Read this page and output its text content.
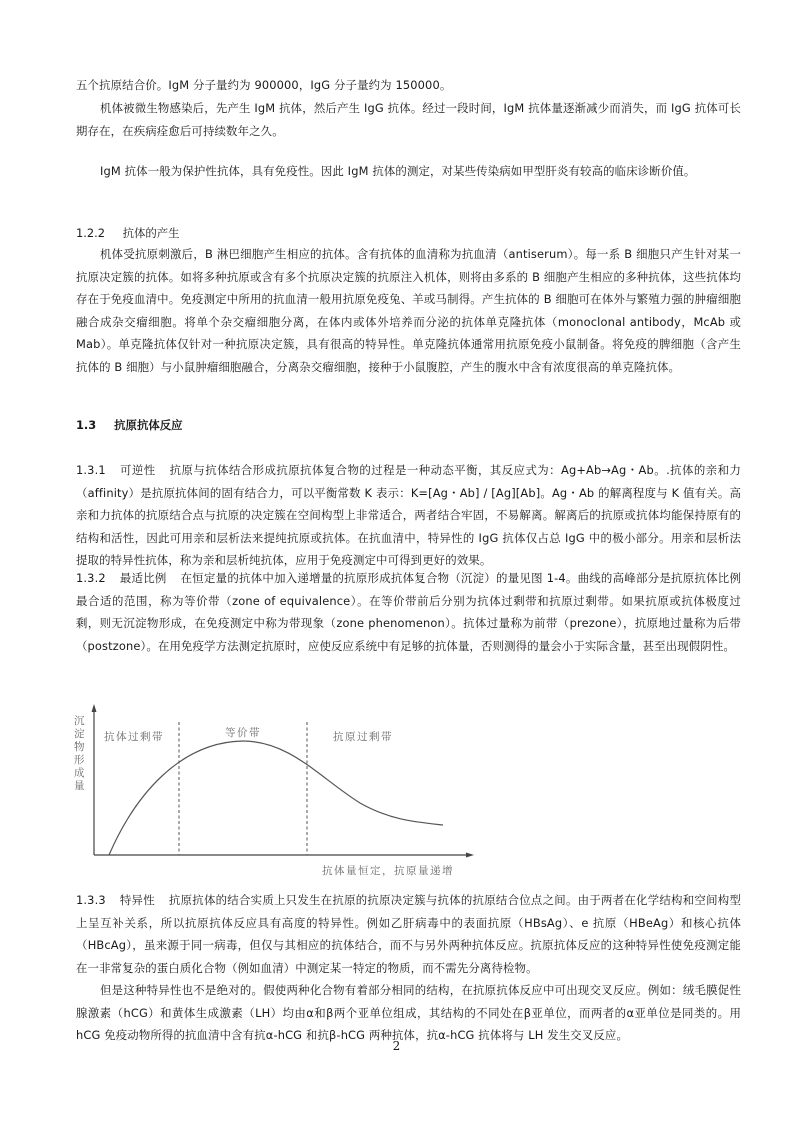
五个抗原结合价。IgM 分子量约为 900000，IgG 分子量约为 150000。

机体被微生物感染后，先产生 IgM 抗体，然后产生 IgG 抗体。经过一段时间，IgM 抗体量逐渐减少而消失，而 IgG 抗体可长期存在，在疾病痊愈后可持续数年之久。

IgM 抗体一般为保护性抗体，具有免疫性。因此 IgM 抗体的测定，对某些传染病如甲型肝炎有较高的临床诊断价值。

1.2.2 抗体的产生

机体受抗原刺激后，B 淋巴细胞产生相应的抗体。含有抗体的血清称为抗血清（antiserum）。每一系 B 细胞只产生针对某一抗原决定簇的抗体。如将多种抗原或含有多个抗原决定簇的抗原注入机体，则将由多系的 B 细胞产生相应的多种抗体，这些抗体均存在于免疫血清中。免疫测定中所用的抗血清一般用抗原免疫兔、羊或马制得。产生抗体的 B 细胞可在体外与繁殖力强的肿瘤细胞融合成杂交瘤细胞。将单个杂交瘤细胞分离，在体内或体外培养而分泌的抗体单克隆抗体（monoclonal antibody，McAb 或 Mab）。单克隆抗体仅针对一种抗原决定簇，具有很高的特异性。单克隆抗体通常用抗原免疫小鼠制备。将免疫的脾细胞（含产生抗体的 B 细胞）与小鼠肿瘤细胞融合，分离杂交瘤细胞，接种于小鼠腹腔，产生的腹水中含有浓度很高的单克隆抗体。

1.3 抗原抗体反应

1.3.1 可逆性 抗原与抗体结合形成抗原抗体复合物的过程是一种动态平衡，其反应式为：Ag+Ab→Ag・Ab。.抗体的亲和力（affinity）是抗原抗体间的固有结合力，可以平衡常数 K 表示：K=[Ag・Ab] / [Ag][Ab]。Ag・Ab 的解离程度与 K 值有关。高亲和力抗体的抗原结合点与抗原的决定簇在空间构型上非常适合，两者结合牢固，不易解离。解离后的抗原或抗体均能保持原有的结构和活性，因此可用亲和层析法来提纯抗原或抗体。在抗血清中，特异性的 IgG 抗体仅占总 IgG 中的极小部分。用亲和层析法提取的特异性抗体，称为亲和层析纯抗体，应用于免疫测定中可得到更好的效果。

1.3.2 最适比例 在恒定量的抗体中加入递增量的抗原形成抗体复合物（沉淀）的量见图 1-4。曲线的高峰部分是抗原抗体比例最合适的范围，称为等价带（zone of equivalence）。在等价带前后分别为抗体过剩带和抗原过剩带。如果抗原或抗体极度过剩，则无沉淀物形成，在免疫测定中称为带现象（zone phenomenon）。抗体过量称为前带（prezone），抗原地过量称为后带（postzone）。在用免疫学方法测定抗原时，应使反应系统中有足够的抗体量，否则测得的量会小于实际含量，甚至出现假阴性。

沉
淀
物
形
成
量
抗体过剩带	等价带	抗原过剩带
抗体量恒定，抗原量递增

1.3.3 特异性 抗原抗体的结合实质上只发生在抗原的抗原决定簇与抗体的抗原结合位点之间。由于两者在化学结构和空间构型上呈互补关系，所以抗原抗体反应具有高度的特异性。例如乙肝病毒中的表面抗原（HBsAg）、e 抗原（HBeAg）和核心抗体（HBcAg），虽来源于同一病毒，但仅与其相应的抗体结合，而不与另外两种抗体反应。抗原抗体反应的这种特异性使免疫测定能在一非常复杂的蛋白质化合物（例如血清）中测定某一特定的物质，而不需先分离待检物。

但是这种特异性也不是绝对的。假使两种化合物有着部分相同的结构，在抗原抗体反应中可出现交叉反应。例如：绒毛膜促性腺激素（hCG）和黄体生成激素（LH）均由α和β两个亚单位组成，其结构的不同处在β亚单位，而两者的α亚单位是同类的。用 hCG 免疫动物所得的抗血清中含有抗α-hCG 和抗β-hCG 两种抗体，抗α-hCG 抗体将与 LH 发生交叉反应。

2
